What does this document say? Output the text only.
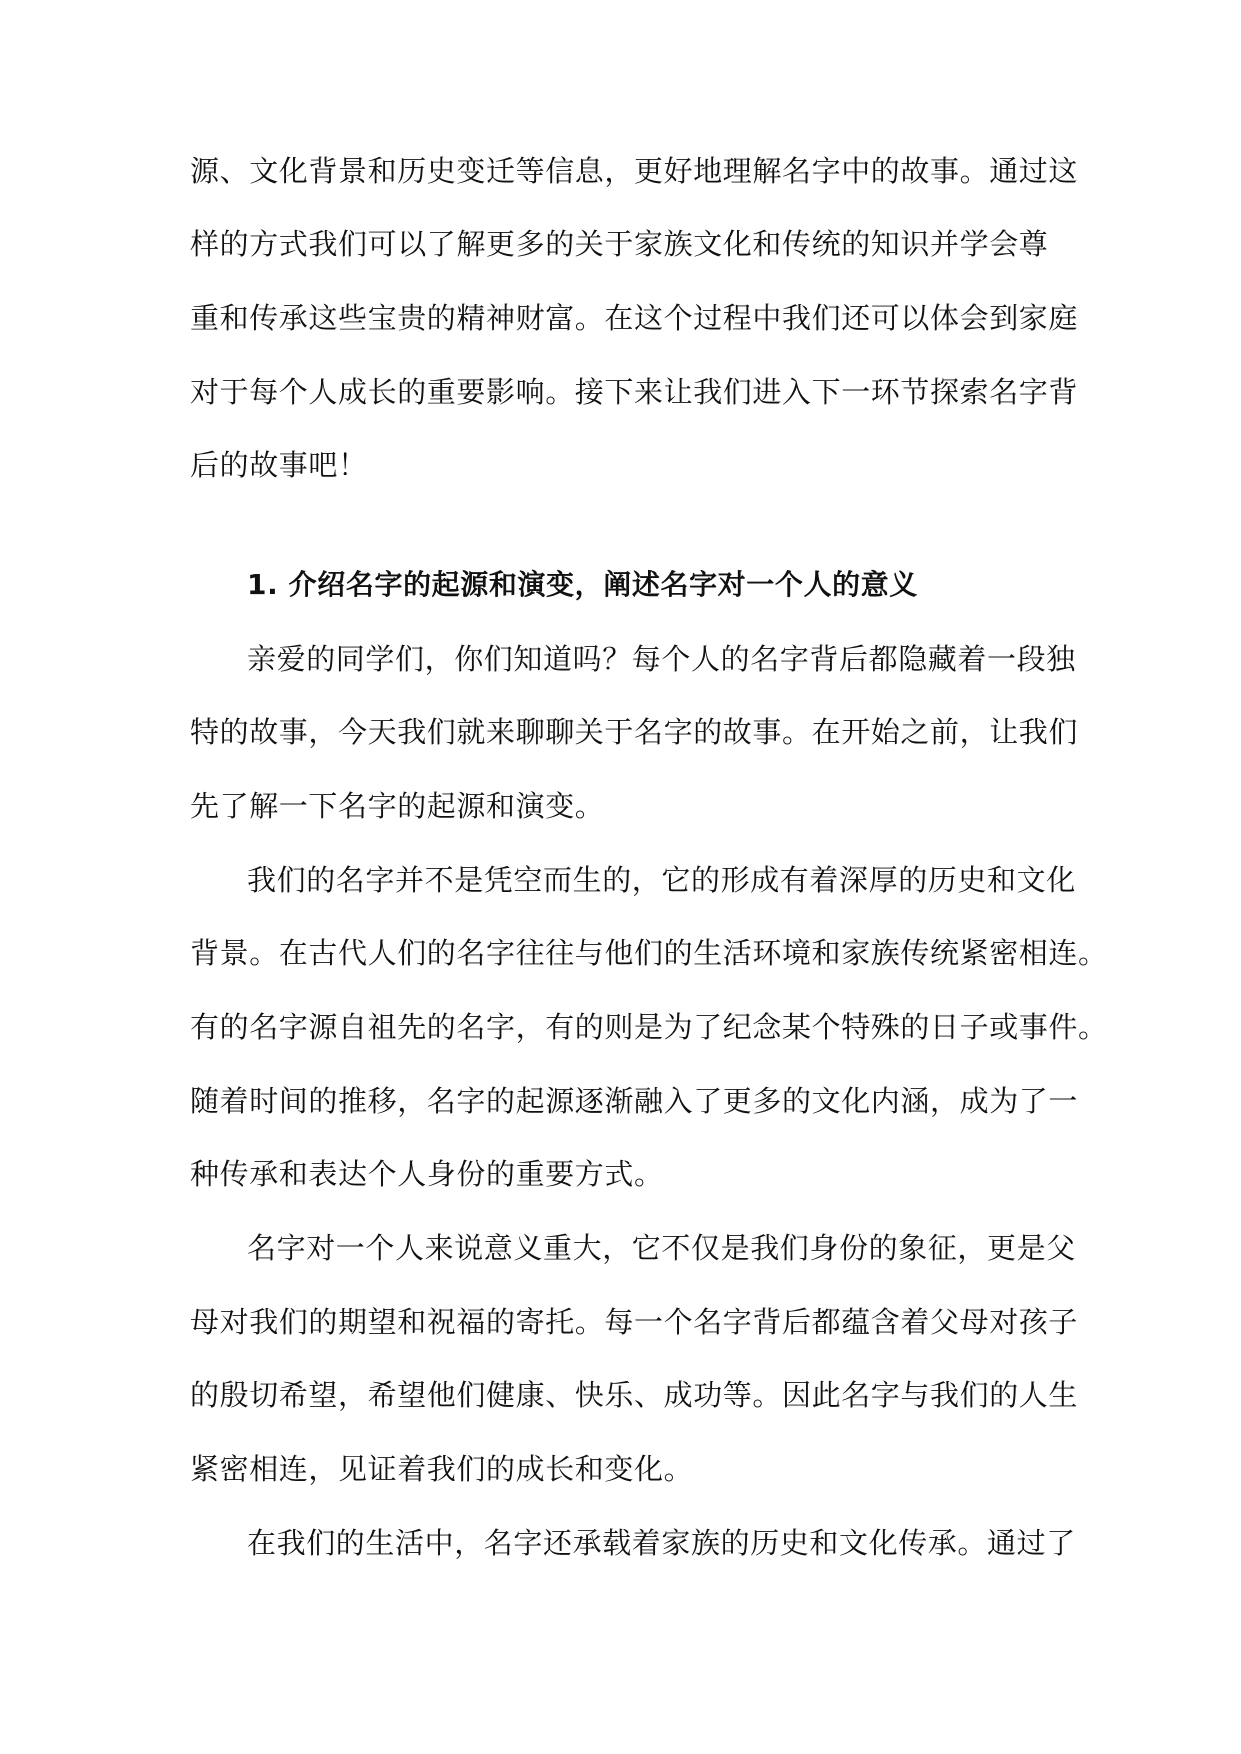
源、文化背景和历史变迁等信息，更好地理解名字中的故事。通过这
样的方式我们可以了解更多的关于家族文化和传统的知识并学会尊
重和传承这些宝贵的精神财富。在这个过程中我们还可以体会到家庭
对于每个人成长的重要影响。接下来让我们进入下一环节探索名字背
后的故事吧！
1. 介绍名字的起源和演变，阐述名字对一个人的意义
亲爱的同学们，你们知道吗？每个人的名字背后都隐藏着一段独
特的故事，今天我们就来聊聊关于名字的故事。在开始之前，让我们
先了解一下名字的起源和演变。
我们的名字并不是凭空而生的，它的形成有着深厚的历史和文化
背景。在古代人们的名字往往与他们的生活环境和家族传统紧密相连。
有的名字源自祖先的名字，有的则是为了纪念某个特殊的日子或事件。
随着时间的推移，名字的起源逐渐融入了更多的文化内涵，成为了一
种传承和表达个人身份的重要方式。
名字对一个人来说意义重大，它不仅是我们身份的象征，更是父
母对我们的期望和祝福的寄托。每一个名字背后都蕴含着父母对孩子
的殷切希望，希望他们健康、快乐、成功等。因此名字与我们的人生
紧密相连，见证着我们的成长和变化。
在我们的生活中，名字还承载着家族的历史和文化传承。通过了
